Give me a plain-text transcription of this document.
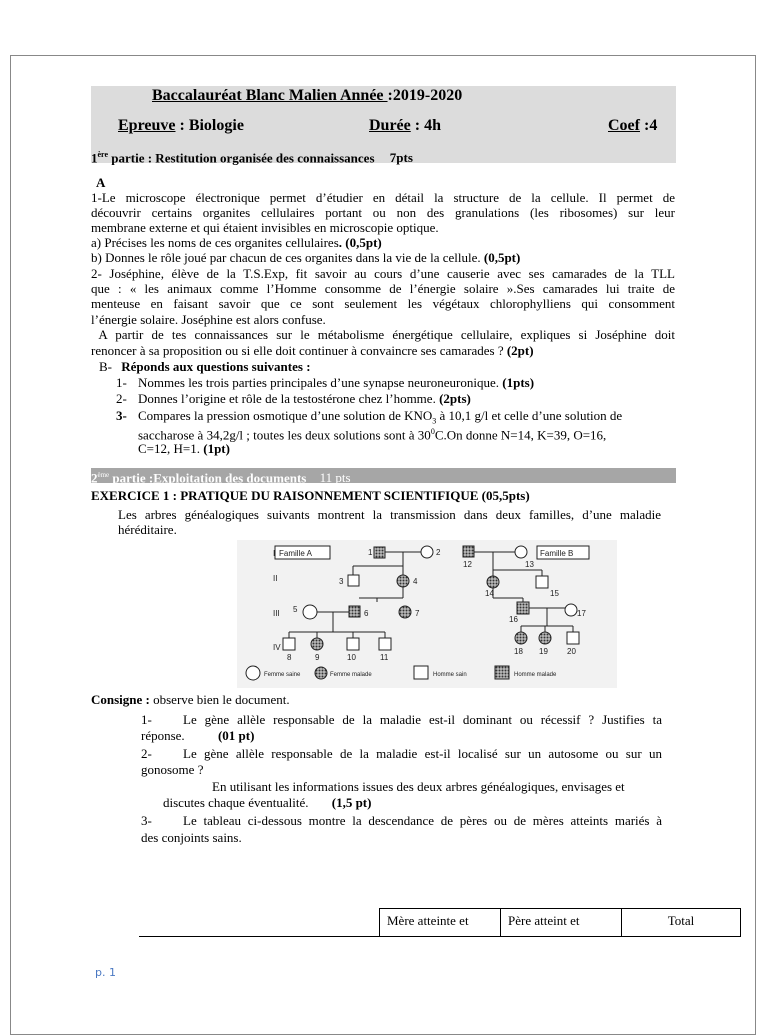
Baccalauréat Blanc Malien Année :2019-2020
Epreuve : Biologie	Durée : 4h	Coef :4
1ère partie : Restitution organisée des connaissances 7pts
A
1-Le microscope électronique permet d’étudier en détail la structure de la cellule. Il permet de
découvrir certains organites cellulaires portant ou non des granulations (les ribosomes) sur leur
membrane externe et qui étaient invisibles en microscopie optique.
a) Précises les noms de ces organites cellulaires. (0,5pt)
b) Donnes le rôle joué par chacun de ces organites dans la vie de la cellule. (0,5pt)
2- Joséphine, élève de la T.S.Exp, fit savoir au cours d’une causerie avec ses camarades de la TLL
que : « les animaux comme l’Homme consomme de l’énergie solaire ».Ses camarades lui traite de
menteuse en faisant savoir que ce sont seulement les végétaux chlorophylliens qui consomment
l’énergie solaire. Joséphine est alors confuse.
A partir de tes connaissances sur le métabolisme énergétique cellulaire, expliques si Joséphine doit
renoncer à sa proposition ou si elle doit continuer à convaincre ses camarades ? (2pt)
B- Réponds aux questions suivantes :
1- Nommes les trois parties principales d’une synapse neuroneuronique. (1pts)
2- Donnes l’origine et rôle de la testostérone chez l’homme. (2pts)
3- Compares la pression osmotique d’une solution de $KNO_3$ à 10,1 g/l et celle d’une solution de
saccharose à 34,2g/l ; toutes les deux solutions sont à $30^0C.On$ donne N=14, K=39, O=16,
C=12, H=1. (1pt)
2ème partie :Exploitation des documents 11 pts
EXERCICE 1 : PRATIQUE DU RAISONNEMENT SCIENTIFIQUE (05,5pts)
Les arbres généalogiques suivants montrent la transmission dans deux familles, d’une maladie
héréditaire.
I
II
III
IV
Famille A	1	2
3	4
5	6	7
8	9	10	11
Famille B
12	13
14	15
16
17
18 19 20
Femme saine	Femme malade	Homme sain	Homme malade
Consigne : observe bien le document.
1- Le gène allèle responsable de la maladie est-il dominant ou récessif ? Justifies ta
réponse.	(01 pt)
2- Le gène allèle responsable de la maladie est-il localisé sur un autosome ou sur un
gonosome ?
En utilisant les informations issues des deux arbres généalogiques, envisages et
discutes chaque éventualité. (1,5 pt)
3- Le tableau ci-dessous montre la descendance de pères ou de mères atteints mariés à
des conjoints sains.
Mère atteinte et	Père atteint et	Total
p. 1
